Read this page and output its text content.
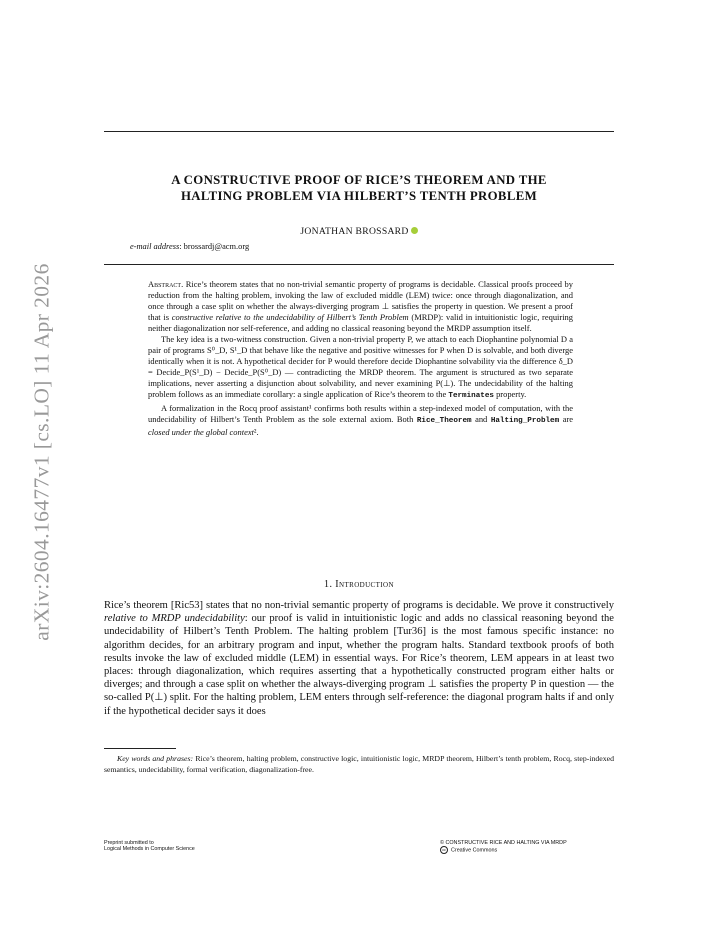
arXiv:2604.16477v1 [cs.LO] 11 Apr 2026
A CONSTRUCTIVE PROOF OF RICE’S THEOREM AND THE
HALTING PROBLEM VIA HILBERT’S TENTH PROBLEM
JONATHAN BROSSARD
e-mail address: brossardj@acm.org

Abstract. Rice’s theorem states that no non-trivial semantic property of programs is decidable. Classical proofs proceed by reduction from the halting problem, invoking the law of excluded middle (LEM) twice: once through diagonalization, and once through a case split on whether the always-diverging program ⊥ satisfies the property in question. We present a proof that is constructive relative to the undecidability of Hilbert’s Tenth Problem (MRDP): valid in intuitionistic logic, requiring neither diagonalization nor self-reference, and adding no classical reasoning beyond the MRDP assumption itself.

The key idea is a two-witness construction. Given a non-trivial property P, we attach to each Diophantine polynomial D a pair of programs S⁰_D, S¹_D that behave like the negative and positive witnesses for P when D is solvable, and both diverge identically when it is not. A hypothetical decider for P would therefore decide Diophantine solvability via the difference δ_D = Decide_P(S¹_D) − Decide_P(S⁰_D) — contradicting the MRDP theorem. The argument is structured as two separate implications, never asserting a disjunction about solvability, and never examining P(⊥). The undecidability of the halting problem follows as an immediate corollary: a single application of Rice’s theorem to the Terminates property.

A formalization in the Rocq proof assistant¹ confirms both results within a step-indexed model of computation, with the undecidability of Hilbert’s Tenth Problem as the sole external axiom. Both Rice_Theorem and Halting_Problem are closed under the global context².

1. Introduction

Rice’s theorem [Ric53] states that no non-trivial semantic property of programs is decidable. We prove it constructively relative to MRDP undecidability: our proof is valid in intuitionistic logic and adds no classical reasoning beyond the undecidability of Hilbert’s Tenth Problem. The halting problem [Tur36] is the most famous specific instance: no algorithm decides, for an arbitrary program and input, whether the program halts. Standard textbook proofs of both results invoke the law of excluded middle (LEM) in essential ways. For Rice’s theorem, LEM appears in at least two places: through diagonalization, which requires asserting that a hypothetically constructed program either halts or diverges; and through a case split on whether the always-diverging program ⊥ satisfies the property P in question — the so-called P(⊥) split. For the halting problem, LEM enters through self-reference: the diagonal program halts if and only if the hypothetical decider says it does

Key words and phrases: Rice’s theorem, halting problem, constructive logic, intuitionistic logic, MRDP theorem, Hilbert’s tenth problem, Rocq, step-indexed semantics, undecidability, formal verification, diagonalization-free.
Preprint submitted to
Logical Methods in Computer Science
© CONSTRUCTIVE RICE AND HALTING VIA MRDP
cc Creative Commons
